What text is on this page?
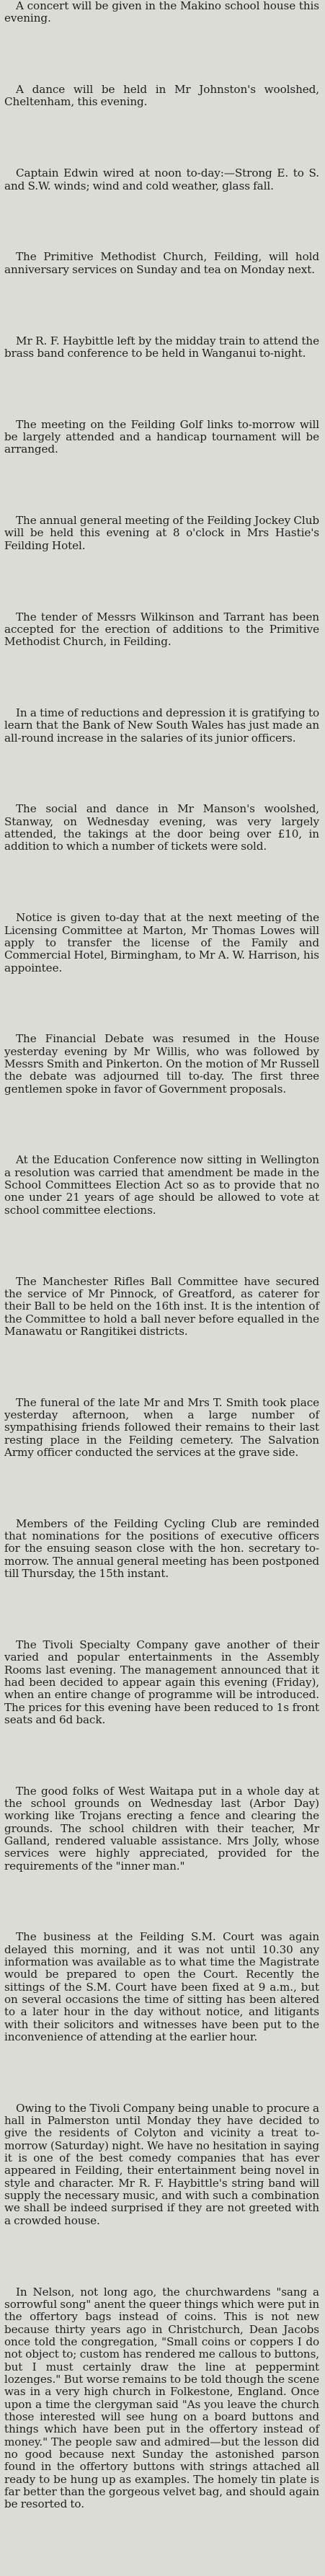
A concert will be given in the Makino school house this evening.

A dance will be held in Mr Johnston's woolshed, Cheltenham, this evening.

Captain Edwin wired at noon to-day:—Strong E. to S. and S.W. winds; wind and cold weather, glass fall.

The Primitive Methodist Church, Feilding, will hold anniversary services on Sunday and tea on Monday next.

Mr R. F. Haybittle left by the midday train to attend the brass band conference to be held in Wanganui to-night.

The meeting on the Feilding Golf links to-morrow will be largely attended and a handicap tournament will be arranged.

The annual general meeting of the Feilding Jockey Club will be held this evening at 8 o'clock in Mrs Hastie's Feilding Hotel.

The tender of Messrs Wilkinson and Tarrant has been accepted for the erection of additions to the Primitive Methodist Church, in Feilding.

In a time of reductions and depression it is gratifying to learn that the Bank of New South Wales has just made an all-round increase in the salaries of its junior officers.

The social and dance in Mr Manson's woolshed, Stanway, on Wednesday evening, was very largely attended, the takings at the door being over £10, in addition to which a number of tickets were sold.

Notice is given to-day that at the next meeting of the Licensing Committee at Marton, Mr Thomas Lowes will apply to transfer the license of the Family and Commercial Hotel, Birmingham, to Mr A. W. Harrison, his appointee.

The Financial Debate was resumed in the House yesterday evening by Mr Willis, who was followed by Messrs Smith and Pinkerton. On the motion of Mr Russell the debate was adjourned till to-day. The first three gentlemen spoke in favor of Government proposals.

At the Education Conference now sitting in Wellington a resolution was carried that amendment be made in the School Committees Election Act so as to provide that no one under 21 years of age should be allowed to vote at school committee elections.

The Manchester Rifles Ball Committee have secured the service of Mr Pinnock, of Greatford, as caterer for their Ball to be held on the 16th inst. It is the intention of the Committee to hold a ball never before equalled in the Manawatu or Rangitikei districts.

The funeral of the late Mr and Mrs T. Smith took place yesterday afternoon, when a large number of sympathising friends followed their remains to their last resting place in the Feilding cemetery. The Salvation Army officer conducted the services at the grave side.

Members of the Feilding Cycling Club are reminded that nominations for the positions of executive officers for the ensuing season close with the hon. secretary to-morrow. The annual general meeting has been postponed till Thursday, the 15th instant.

The Tivoli Specialty Company gave another of their varied and popular entertainments in the Assembly Rooms last evening. The management announced that it had been decided to appear again this evening (Friday), when an entire change of programme will be introduced. The prices for this evening have been reduced to 1s front seats and 6d back.

The good folks of West Waitapa put in a whole day at the school grounds on Wednesday last (Arbor Day) working like Trojans erecting a fence and clearing the grounds. The school children with their teacher, Mr Galland, rendered valuable assistance. Mrs Jolly, whose services were highly appreciated, provided for the requirements of the "inner man."

The business at the Feilding S.M. Court was again delayed this morning, and it was not until 10.30 any information was available as to what time the Magistrate would be prepared to open the Court. Recently the sittings of the S.M. Court have been fixed at 9 a.m., but on several occasions the time of sitting has been altered to a later hour in the day without notice, and litigants with their solicitors and witnesses have been put to the inconvenience of attending at the earlier hour.

Owing to the Tivoli Company being unable to procure a hall in Palmerston until Monday they have decided to give the residents of Colyton and vicinity a treat to-morrow (Saturday) night. We have no hesitation in saying it is one of the best comedy companies that has ever appeared in Feilding, their entertainment being novel in style and character. Mr R. F. Haybittle's string band will supply the necessary music, and with such a combination we shall be indeed surprised if they are not greeted with a crowded house.

In Nelson, not long ago, the churchwardens "sang a sorrowful song" anent the queer things which were put in the offertory bags instead of coins. This is not new because thirty years ago in Christchurch, Dean Jacobs once told the congregation, "Small coins or coppers I do not object to; custom has rendered me callous to buttons, but I must certainly draw the line at peppermint lozenges." But worse remains to be told though the scene was in a very high church in Folkestone, England. Once upon a time the clergyman said "As you leave the church those interested will see hung on a board buttons and things which have been put in the offertory instead of money." The people saw and admired—but the lesson did no good because next Sunday the astonished parson found in the offertory buttons with strings attached all ready to be hung up as examples. The homely tin plate is far better than the gorgeous velvet bag, and should again be resorted to.
